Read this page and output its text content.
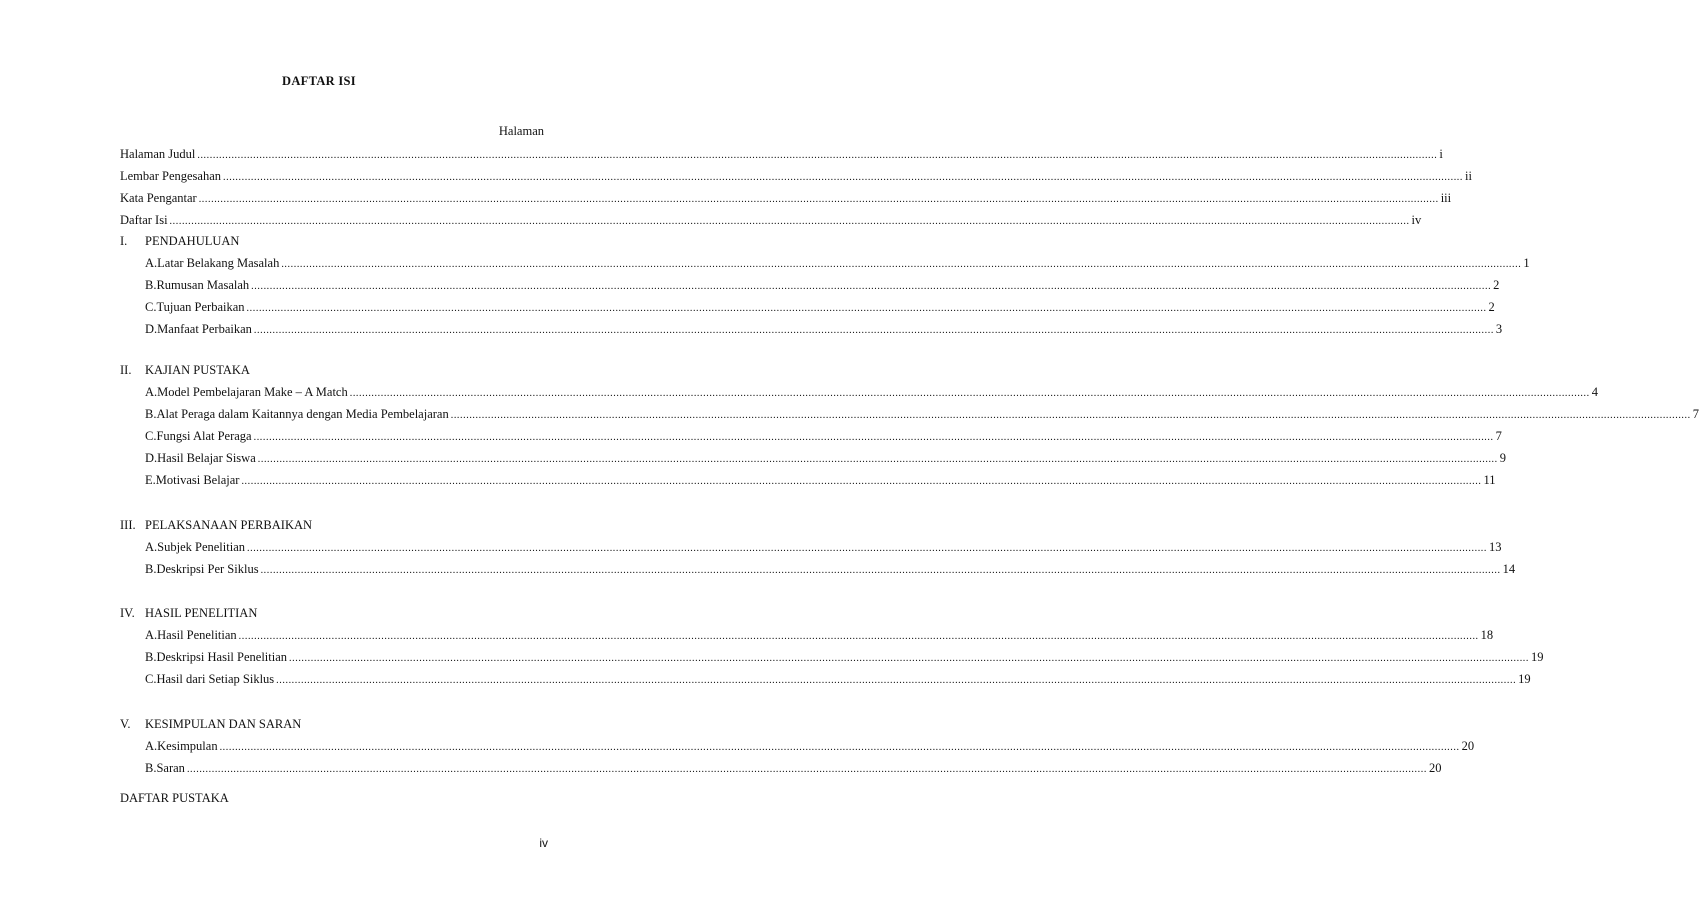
DAFTAR ISI
Halaman
Halaman Judul ................................................................................................................................................................................................................................................................................................................................................................................................................ i
Lembar Pengesahan ................................................................................................................................................................................................................................................................................................................................................................................................................ ii
Kata Pengantar ................................................................................................................................................................................................................................................................................................................................................................................................................ iii
Daftar Isi ................................................................................................................................................................................................................................................................................................................................................................................................................ iv
I. PENDAHULUAN
A. Latar Belakang Masalah ................................................................................................................................................................................................................................................................................................................................................................................................................ 1
B. Rumusan Masalah ................................................................................................................................................................................................................................................................................................................................................................................................................ 2
C. Tujuan Perbaikan ................................................................................................................................................................................................................................................................................................................................................................................................................ 2
D. Manfaat Perbaikan ................................................................................................................................................................................................................................................................................................................................................................................................................ 3
II. KAJIAN PUSTAKA
A. Model Pembelajaran Make – A Match ................................................................................................................................................................................................................................................................................................................................................................................................................ 4
B. Alat Peraga dalam Kaitannya dengan Media Pembelajaran ................................................................................................................................................................................................................................................................................................................................................................................................................ 7
C. Fungsi Alat Peraga ................................................................................................................................................................................................................................................................................................................................................................................................................ 7
D. Hasil Belajar Siswa ................................................................................................................................................................................................................................................................................................................................................................................................................ 9
E. Motivasi Belajar ................................................................................................................................................................................................................................................................................................................................................................................................................ 11
III. PELAKSANAAN PERBAIKAN
A. Subjek Penelitian ................................................................................................................................................................................................................................................................................................................................................................................................................ 13
B. Deskripsi Per Siklus ................................................................................................................................................................................................................................................................................................................................................................................................................ 14
IV. HASIL PENELITIAN
A. Hasil Penelitian ................................................................................................................................................................................................................................................................................................................................................................................................................ 18
B. Deskripsi Hasil Penelitian ................................................................................................................................................................................................................................................................................................................................................................................................................ 19
C. Hasil dari Setiap Siklus ................................................................................................................................................................................................................................................................................................................................................................................................................ 19
V. KESIMPULAN DAN SARAN
A. Kesimpulan ................................................................................................................................................................................................................................................................................................................................................................................................................ 20
B. Saran ................................................................................................................................................................................................................................................................................................................................................................................................................ 20
DAFTAR PUSTAKA
iv
